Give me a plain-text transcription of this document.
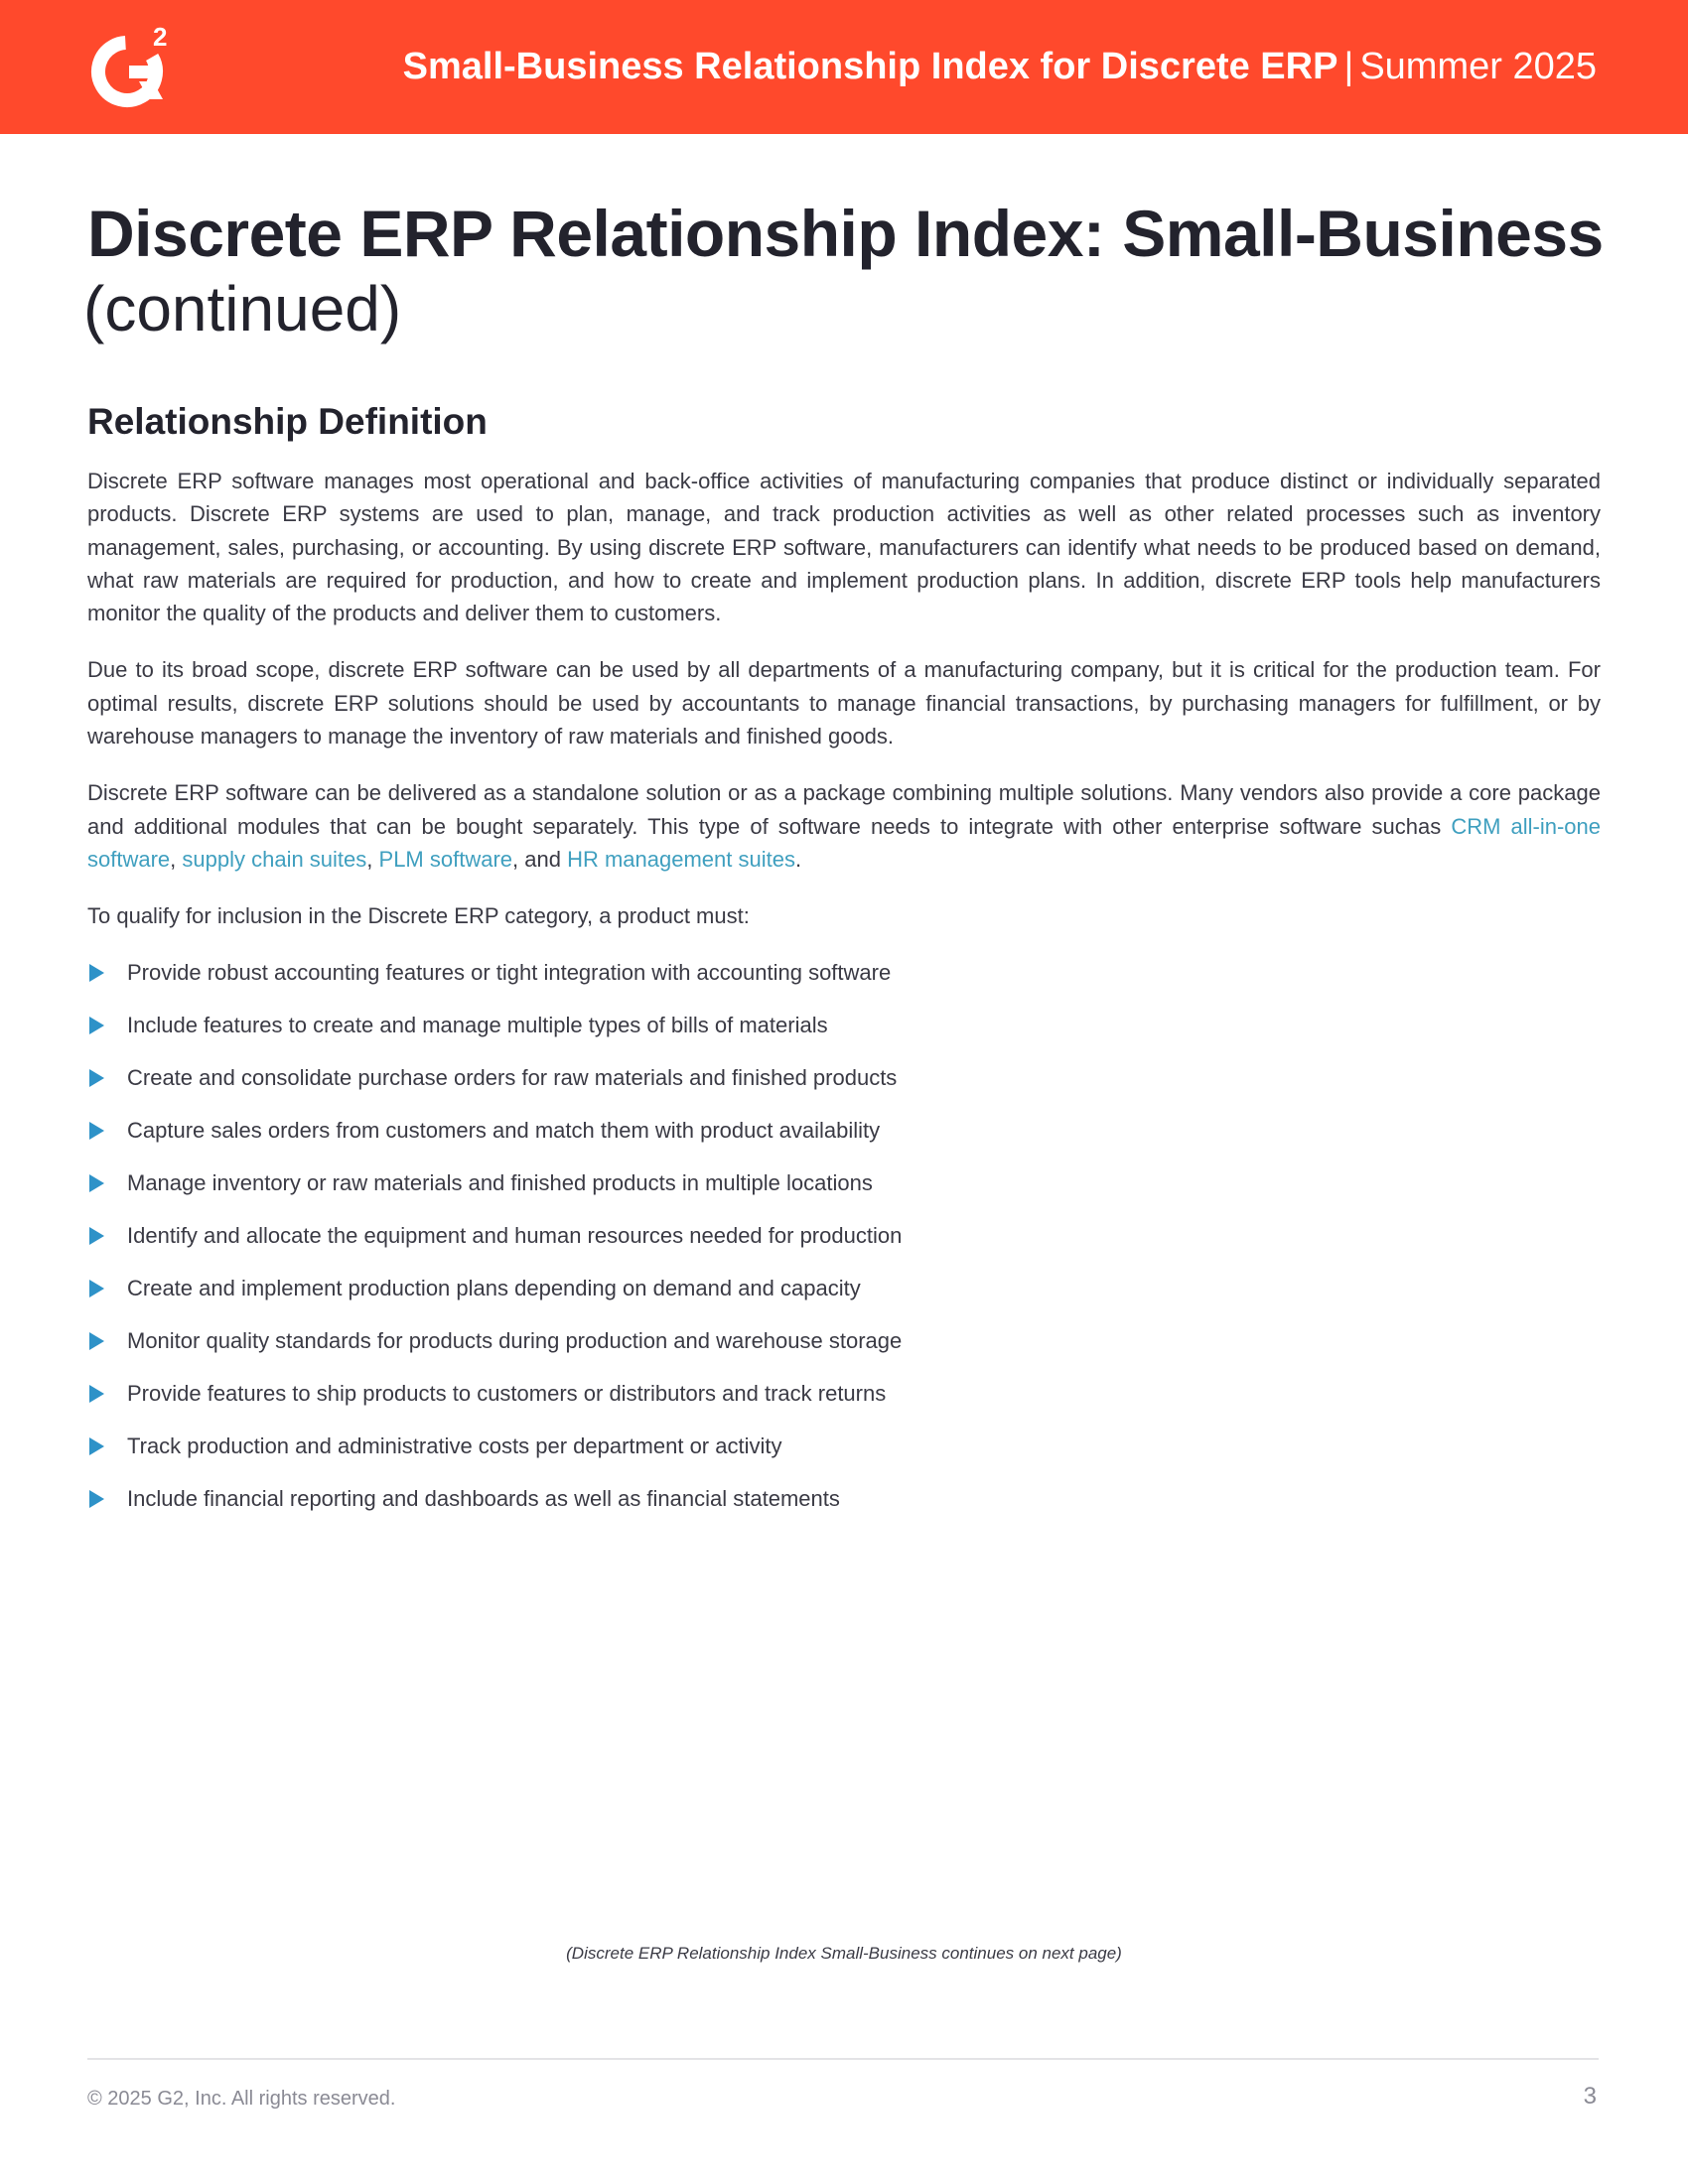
2
Small-Business Relationship Index for Discrete ERP | Summer 2025
Discrete ERP Relationship Index: Small-Business
(continued)
Relationship Definition

Discrete ERP software manages most operational and back-office activities of manufacturing companies that produce distinct or individually separated products. Discrete ERP systems are used to plan, manage, and track production activities as well as other related processes such as inventory management, sales, purchasing, or accounting. By using discrete ERP software, manufacturers can identify what needs to be produced based on demand, what raw materials are required for production, and how to create and implement production plans. In addition, discrete ERP tools help manufacturers monitor the quality of the products and deliver them to customers.

Due to its broad scope, discrete ERP software can be used by all departments of a manufacturing company, but it is critical for the production team. For optimal results, discrete ERP solutions should be used by accountants to manage financial transactions, by purchasing managers for fulfillment, or by warehouse managers to manage the inventory of raw materials and finished goods.

Discrete ERP software can be delivered as a standalone solution or as a package combining multiple solutions. Many vendors also provide a core package and additional modules that can be bought separately. This type of software needs to integrate with other enterprise software suchas CRM all-in-one software, supply chain suites, PLM software, and HR management suites.

To qualify for inclusion in the Discrete ERP category, a product must:

Provide robust accounting features or tight integration with accounting software
Include features to create and manage multiple types of bills of materials
Create and consolidate purchase orders for raw materials and finished products
Capture sales orders from customers and match them with product availability
Manage inventory or raw materials and finished products in multiple locations
Identify and allocate the equipment and human resources needed for production
Create and implement production plans depending on demand and capacity
Monitor quality standards for products during production and warehouse storage
Provide features to ship products to customers or distributors and track returns
Track production and administrative costs per department or activity
Include financial reporting and dashboards as well as financial statements
(Discrete ERP Relationship Index Small-Business continues on next page)
© 2025 G2, Inc. All rights reserved.	3
